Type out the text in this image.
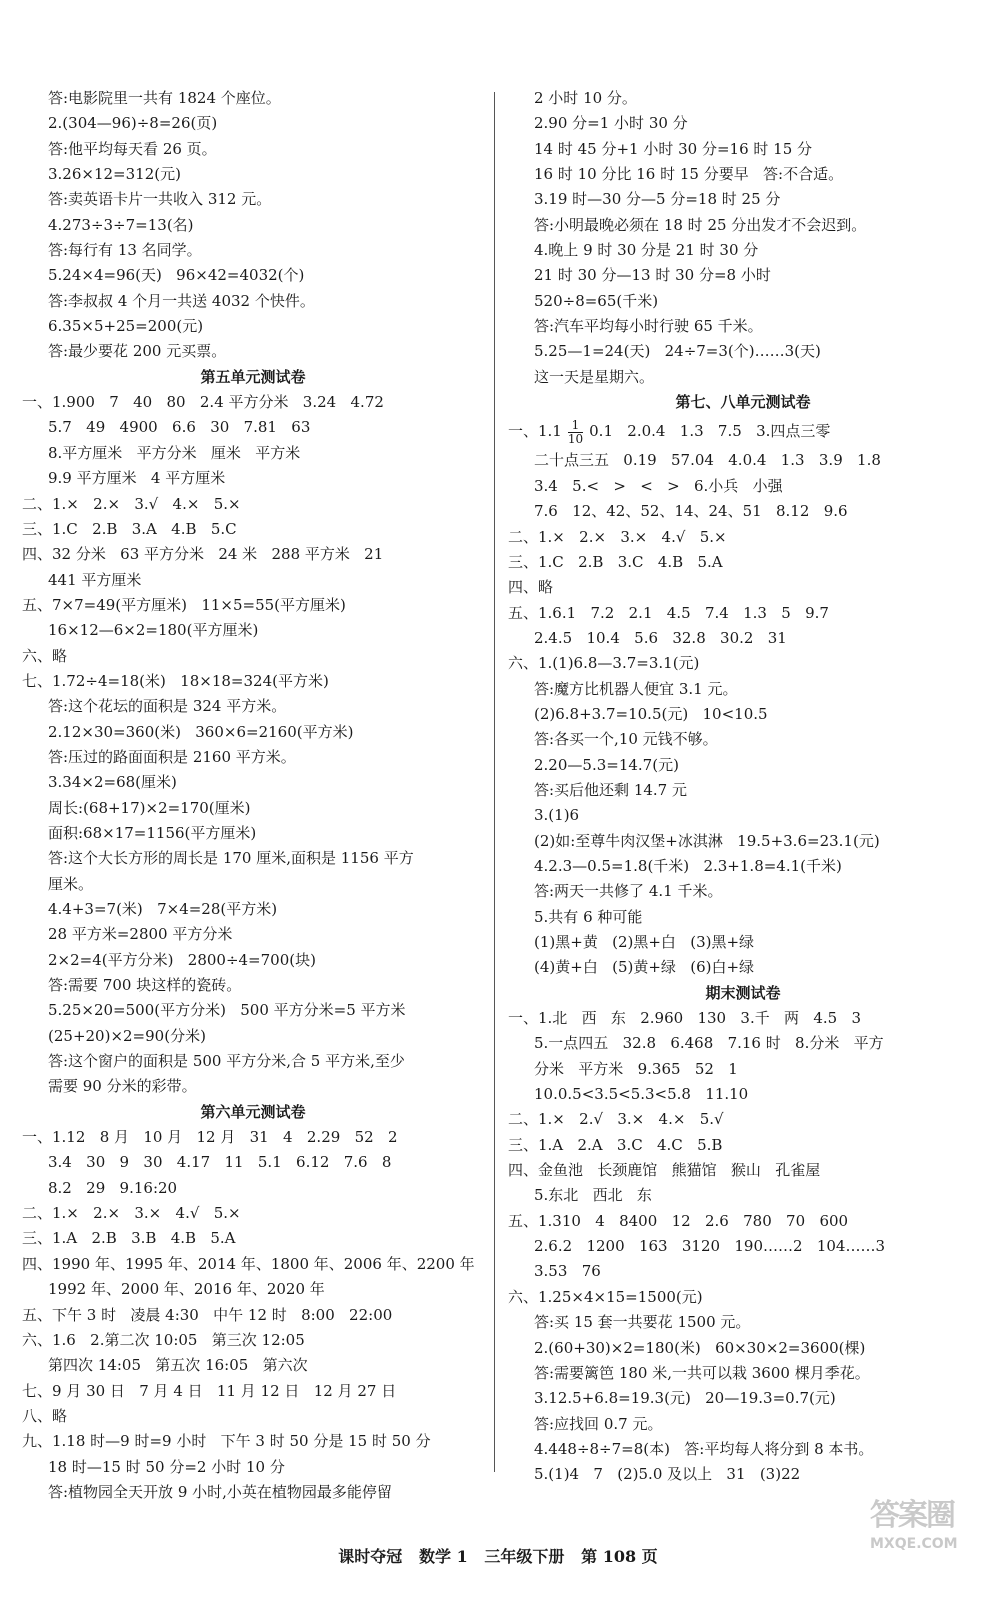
答:电影院里一共有 1824 个座位。
2.(304—96)÷8=26(页)
答:他平均每天看 26 页。
3.26×12=312(元)
答:卖英语卡片一共收入 312 元。
4.273÷3÷7=13(名)
答:每行有 13 名同学。
5.24×4=96(天)   96×42=4032(个)
答:李叔叔 4 个月一共送 4032 个快件。
6.35×5+25=200(元)
答:最少要花 200 元买票。
第五单元测试卷
一、1.900   7   40   80   2.4 平方分米   3.24   4.72
5.7   49   4900   6.6   30   7.81   63
8.平方厘米   平方分米   厘米   平方米
9.9 平方厘米   4 平方厘米
二、1.×   2.×   3.√   4.×   5.×
三、1.C   2.B   3.A   4.B   5.C
四、32 分米   63 平方分米   24 米   288 平方米   21
441 平方厘米
五、7×7=49(平方厘米)   11×5=55(平方厘米)
16×12—6×2=180(平方厘米)
六、略
七、1.72÷4=18(米)   18×18=324(平方米)
答:这个花坛的面积是 324 平方米。
2.12×30=360(米)   360×6=2160(平方米)
答:压过的路面面积是 2160 平方米。
3.34×2=68(厘米)
周长:(68+17)×2=170(厘米)
面积:68×17=1156(平方厘米)
答:这个大长方形的周长是 170 厘米,面积是 1156 平方
厘米。
4.4+3=7(米)   7×4=28(平方米)
28 平方米=2800 平方分米
2×2=4(平方分米)   2800÷4=700(块)
答:需要 700 块这样的瓷砖。
5.25×20=500(平方分米)   500 平方分米=5 平方米
(25+20)×2=90(分米)
答:这个窗户的面积是 500 平方分米,合 5 平方米,至少
需要 90 分米的彩带。
第六单元测试卷
一、1.12   8 月   10 月   12 月   31   4   2.29   52   2
3.4   30   9   30   4.17   11   5.1   6.12   7.6   8
8.2   29   9.16:20
二、1.×   2.×   3.×   4.√   5.×
三、1.A   2.B   3.B   4.B   5.A
四、1990 年、1995 年、2014 年、1800 年、2006 年、2200 年
1992 年、2000 年、2016 年、2020 年
五、下午 3 时   凌晨 4:30   中午 12 时   8:00   22:00
六、1.6   2.第二次 10:05   第三次 12:05
第四次 14:05   第五次 16:05   第六次
七、9 月 30 日   7 月 4 日   11 月 12 日   12 月 27 日
八、略
九、1.18 时—9 时=9 小时   下午 3 时 50 分是 15 时 50 分
18 时—15 时 50 分=2 小时 10 分
答:植物园全天开放 9 小时,小英在植物园最多能停留
2 小时 10 分。
2.90 分=1 小时 30 分
14 时 45 分+1 小时 30 分=16 时 15 分
16 时 10 分比 16 时 15 分要早   答:不合适。
3.19 时—30 分—5 分=18 时 25 分
答:小明最晚必须在 18 时 25 分出发才不会迟到。
4.晚上 9 时 30 分是 21 时 30 分
21 时 30 分—13 时 30 分=8 小时
520÷8=65(千米)
答:汽车平均每小时行驶 65 千米。
5.25—1=24(天)   24÷7=3(个)……3(天)
这一天是星期六。
第七、八单元测试卷
一、$1.1 \frac{1}{10} 0.1$   2.0.4   1.3   7.5   3.四点三零
二十点三五   0.19   57.04   4.0.4   1.3   3.9   1.8
3.4   5.<   >   <   >   6.小兵   小强
7.6   12、42、52、14、24、51   8.12   9.6
二、1.×   2.×   3.×   4.√   5.×
三、1.C   2.B   3.C   4.B   5.A
四、略
五、1.6.1   7.2   2.1   4.5   7.4   1.3   5   9.7
2.4.5   10.4   5.6   32.8   30.2   31
六、1.(1)6.8—3.7=3.1(元)
答:魔方比机器人便宜 3.1 元。
(2)6.8+3.7=10.5(元)   10<10.5
答:各买一个,10 元钱不够。
2.20—5.3=14.7(元)
答:买后他还剩 14.7 元
3.(1)6
(2)如:至尊牛肉汉堡+冰淇淋   19.5+3.6=23.1(元)
4.2.3—0.5=1.8(千米)   2.3+1.8=4.1(千米)
答:两天一共修了 4.1 千米。
5.共有 6 种可能
(1)黑+黄   (2)黑+白   (3)黑+绿
(4)黄+白   (5)黄+绿   (6)白+绿
期末测试卷
一、1.北   西   东   2.960   130   3.千   两   4.5   3
5.一点四五   32.8   6.468   7.16 时   8.分米   平方
分米   平方米   9.365   52   1
10.0.5<3.5<5.3<5.8   11.10
二、1.×   2.√   3.×   4.×   5.√
三、1.A   2.A   3.C   4.C   5.B
四、金鱼池   长颈鹿馆   熊猫馆   猴山   孔雀屋
5.东北   西北   东
五、1.310   4   8400   12   2.6   780   70   600
2.6.2   1200   163   3120   190……2   104……3
3.53   76
六、1.25×4×15=1500(元)
答:买 15 套一共要花 1500 元。
2.(60+30)×2=180(米)   60×30×2=3600(棵)
答:需要篱笆 180 米,一共可以栽 3600 棵月季花。
3.12.5+6.8=19.3(元)   20—19.3=0.7(元)
答:应找回 0.7 元。
4.448÷8÷7=8(本)   答:平均每人将分到 8 本书。
5.(1)4   7   (2)5.0 及以上   31   (3)22
课时夺冠   数学 1   三年级下册   第 108 页
答案圈
MXQE.COM
